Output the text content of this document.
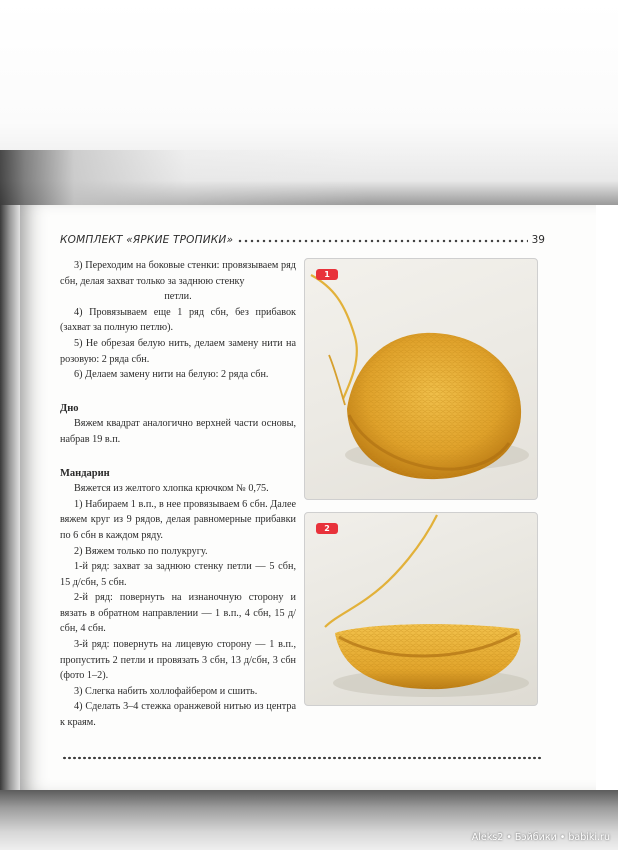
КОМПЛЕКТ «ЯРКИЕ ТРОПИКИ»	39

3) Переходим на боковые стенки: провязываем ряд сбн, делая захват только за заднюю стенку

петли.

4) Провязываем еще 1 ряд сбн, без прибавок (захват за полную петлю).

5) Не обрезая белую нить, делаем замену нити на розовую: 2 ряда сбн.

6) Делаем замену нити на белую: 2 ряда сбн.

Дно

Вяжем квадрат аналогично верхней части основы, набрав 19 в.п.

Мандарин

Вяжется из желтого хлопка крючком № 0,75.

1) Набираем 1 в.п., в нее провязываем 6 сбн. Далее вяжем круг из 9 рядов, делая равномерные прибавки по 6 сбн в каждом ряду.

2) Вяжем только по полукругу.

1-й ряд: захват за заднюю стенку петли — 5 сбн, 15 д/сбн, 5 сбн.

2-й ряд: повернуть на изнаночную сторону и вязать в обратном направлении — 1 в.п., 4 сбн, 15 д/сбн, 4 сбн.

3-й ряд: повернуть на лицевую сторону — 1 в.п., пропустить 2 петли и провязать 3 сбн, 13 д/сбн, 3 сбн (фото 1–2).

3) Слегка набить холлофайбером и сшить.

4) Сделать 3–4 стежка оранжевой нитью из центра к краям.

1
2
Aleks2 • Бэйбики • babiki.ru
